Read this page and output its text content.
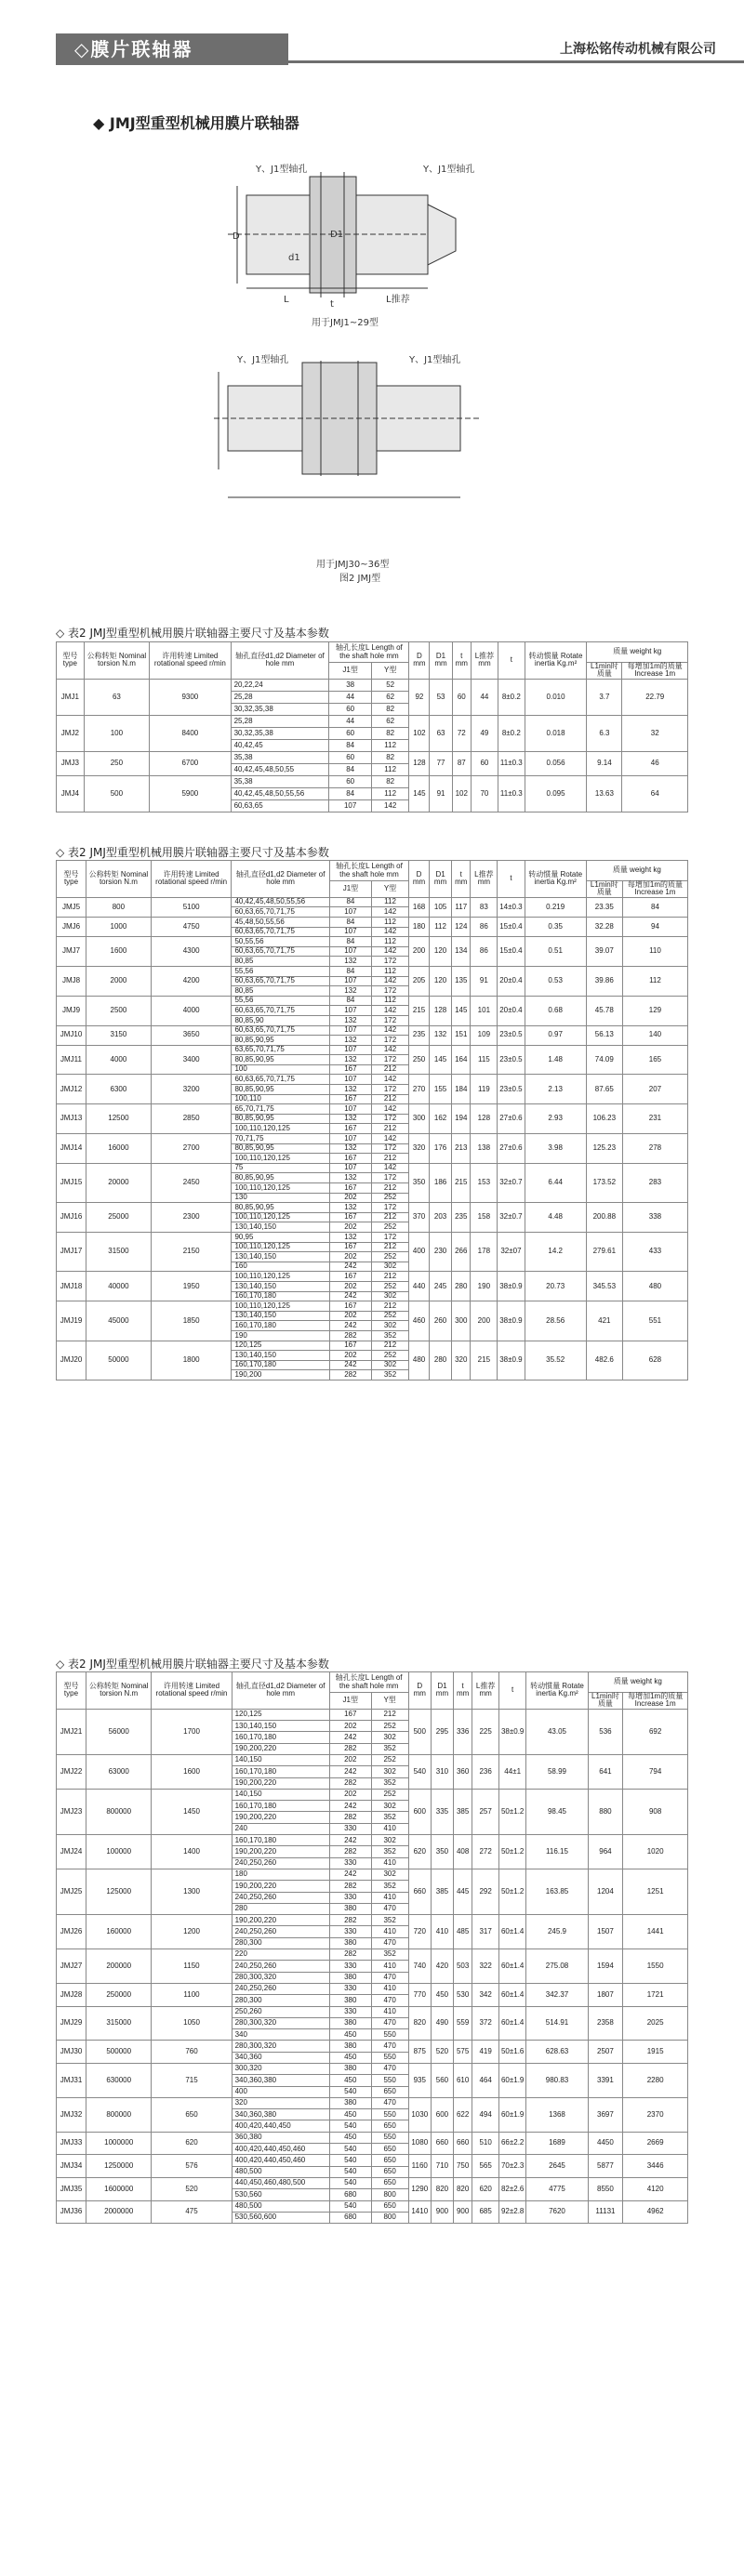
◇膜片联轴器	上海松铭传动机械有限公司
◆ JMJ型重型机械用膜片联轴器
D
d1
D1
L	t	L推荐
Y、J1型轴孔	Y、J1型轴孔
用于JMJ1~29型
Y、J1型轴孔	Y、J1型轴孔
用于JMJ30~36型
图2 JMJ型
◇ 表2 JMJ型重型机械用膜片联轴器主要尺寸及基本参数
型号type	公称转矩 Nominal torsion N.m	许用转速 Limited rotational speed r/min	轴孔直径d1,d2 Diameter of hole mm	轴孔长度L Length of the shaft hole mm		D mm	D1 mm	t mm	L推荐 mm	t	转动惯量 Rotate inertia Kg.m²	质量 weight kg	
				J1型	Y型							L1min时质量	每增加1m的质量 Increase 1m
JMJ1	63	9300	20,22,24	38	52	92	53	60	44	8±0.2	0.010	3.7	22.79
			25,28	44	62								
			30,32,35,38	60	82								
JMJ2	100	8400	25,28	44	62	102	63	72	49	8±0.2	0.018	6.3	32
			30,32,35,38	60	82								
			40,42,45	84	112								
JMJ3	250	6700	35,38	60	82	128	77	87	60	11±0.3	0.056	9.14	46
			40,42,45,48,50,55	84	112								
JMJ4	500	5900	35,38	60	82	145	91	102	70	11±0.3	0.095	13.63	64
			40,42,45,48,50,55,56	84	112								
			60,63,65	107	142								
◇ 表2 JMJ型重型机械用膜片联轴器主要尺寸及基本参数
型号type	公称转矩 Nominal torsion N.m	许用转速 Limited rotational speed r/min	轴孔直径d1,d2 Diameter of hole mm	轴孔长度L Length of the shaft hole mm		D mm	D1 mm	t mm	L推荐 mm	t	转动惯量 Rotate inertia Kg.m²	质量 weight kg	
				J1型	Y型							L1min时质量	每增加1m的质量 Increase 1m
JMJ5	800	5100	40,42,45,48,50,55,56	84	112	168	105	117	83	14±0.3	0.219	23.35	84
			60,63,65,70,71,75	107	142								
JMJ6	1000	4750	45,48,50,55,56	84	112	180	112	124	86	15±0.4	0.35	32.28	94
			60,63,65,70,71,75	107	142								
JMJ7	1600	4300	50,55,56	84	112	200	120	134	86	15±0.4	0.51	39.07	110
			60,63,65,70,71,75	107	142								
			80,85	132	172								
JMJ8	2000	4200	55,56	84	112	205	120	135	91	20±0.4	0.53	39.86	112
			60,63,65,70,71,75	107	142								
			80,85	132	172								
JMJ9	2500	4000	55,56	84	112	215	128	145	101	20±0.4	0.68	45.78	129
			60,63,65,70,71,75	107	142								
			80,85,90	132	172								
JMJ10	3150	3650	60,63,65,70,71,75	107	142	235	132	151	109	23±0.5	0.97	56.13	140
			80,85,90,95	132	172								
JMJ11	4000	3400	63,65,70,71,75	107	142	250	145	164	115	23±0.5	1.48	74.09	165
			80,85,90,95	132	172								
			100	167	212								
JMJ12	6300	3200	60,63,65,70,71,75	107	142	270	155	184	119	23±0.5	2.13	87.65	207
			80,85,90,95	132	172								
			100,110	167	212								
JMJ13	12500	2850	65,70,71,75	107	142	300	162	194	128	27±0.6	2.93	106.23	231
			80,85,90,95	132	172								
			100,110,120,125	167	212								
JMJ14	16000	2700	70,71,75	107	142	320	176	213	138	27±0.6	3.98	125.23	278
			80,85,90,95	132	172								
			100,110,120,125	167	212								
JMJ15	20000	2450	75	107	142	350	186	215	153	32±0.7	6.44	173.52	283
			80,85,90,95	132	172								
			100,110,120,125	167	212								
			130	202	252								
JMJ16	25000	2300	80,85,90,95	132	172	370	203	235	158	32±0.7	4.48	200.88	338
			100,110,120,125	167	212								
			130,140,150	202	252								
JMJ17	31500	2150	90,95	132	172	400	230	266	178	32±07	14.2	279.61	433
			100,110,120,125	167	212								
			130,140,150	202	252								
			160	242	302								
JMJ18	40000	1950	100,110,120,125	167	212	440	245	280	190	38±0.9	20.73	345.53	480
			130,140,150	202	252								
			160,170,180	242	302								
JMJ19	45000	1850	100,110,120,125	167	212	460	260	300	200	38±0.9	28.56	421	551
			130,140,150	202	252								
			160,170,180	242	302								
			190	282	352								
JMJ20	50000	1800	120,125	167	212	480	280	320	215	38±0.9	35.52	482.6	628
			130,140,150	202	252								
			160,170,180	242	302								
			190,200	282	352								
◇ 表2 JMJ型重型机械用膜片联轴器主要尺寸及基本参数
型号type	公称转矩 Nominal torsion N.m	许用转速 Limited rotational speed r/min	轴孔直径d1,d2 Diameter of hole mm	轴孔长度L Length of the shaft hole mm		D mm	D1 mm	t mm	L推荐 mm	t	转动惯量 Rotate inertia Kg.m²	质量 weight kg	
				J1型	Y型							L1min时质量	每增加1m的质量 Increase 1m
JMJ21	56000	1700	120,125	167	212	500	295	336	225	38±0.9	43.05	536	692
			130,140,150	202	252								
			160,170,180	242	302								
			190,200,220	282	352								
JMJ22	63000	1600	140,150	202	252	540	310	360	236	44±1	58.99	641	794
			160,170,180	242	302								
			190,200,220	282	352								
JMJ23	800000	1450	140,150	202	252	600	335	385	257	50±1.2	98.45	880	908
			160,170,180	242	302								
			190,200,220	282	352								
			240	330	410								
JMJ24	100000	1400	160,170,180	242	302	620	350	408	272	50±1.2	116.15	964	1020
			190,200,220	282	352								
			240,250,260	330	410								
JMJ25	125000	1300	180	242	302	660	385	445	292	50±1.2	163.85	1204	1251
			190,200,220	282	352								
			240,250,260	330	410								
			280	380	470								
JMJ26	160000	1200	190,200,220	282	352	720	410	485	317	60±1.4	245.9	1507	1441
			240,250,260	330	410								
			280,300	380	470								
JMJ27	200000	1150	220	282	352	740	420	503	322	60±1.4	275.08	1594	1550
			240,250,260	330	410								
			280,300,320	380	470								
JMJ28	250000	1100	240,250,260	330	410	770	450	530	342	60±1.4	342.37	1807	1721
			280,300	380	470								
JMJ29	315000	1050	250,260	330	410	820	490	559	372	60±1.4	514.91	2358	2025
			280,300,320	380	470								
			340	450	550								
JMJ30	500000	760	280,300,320	380	470	875	520	575	419	50±1.6	628.63	2507	1915
			340,360	450	550								
JMJ31	630000	715	300,320	380	470	935	560	610	464	60±1.9	980.83	3391	2280
			340,360,380	450	550								
			400	540	650								
JMJ32	800000	650	320	380	470	1030	600	622	494	60±1.9	1368	3697	2370
			340,360,380	450	550								
			400,420,440,450	540	650								
JMJ33	1000000	620	360,380	450	550	1080	660	660	510	66±2.2	1689	4450	2669
			400,420,440,450,460	540	650								
JMJ34	1250000	576	400,420,440,450,460	540	650	1160	710	750	565	70±2.3	2645	5877	3446
			480,500	540	650								
JMJ35	1600000	520	440,450,460,480,500	540	650	1290	820	820	620	82±2.6	4775	8550	4120
			530,560	680	800								
JMJ36	2000000	475	480,500	540	650	1410	900	900	685	92±2.8	7620	11131	4962
			530,560,600	680	800								
